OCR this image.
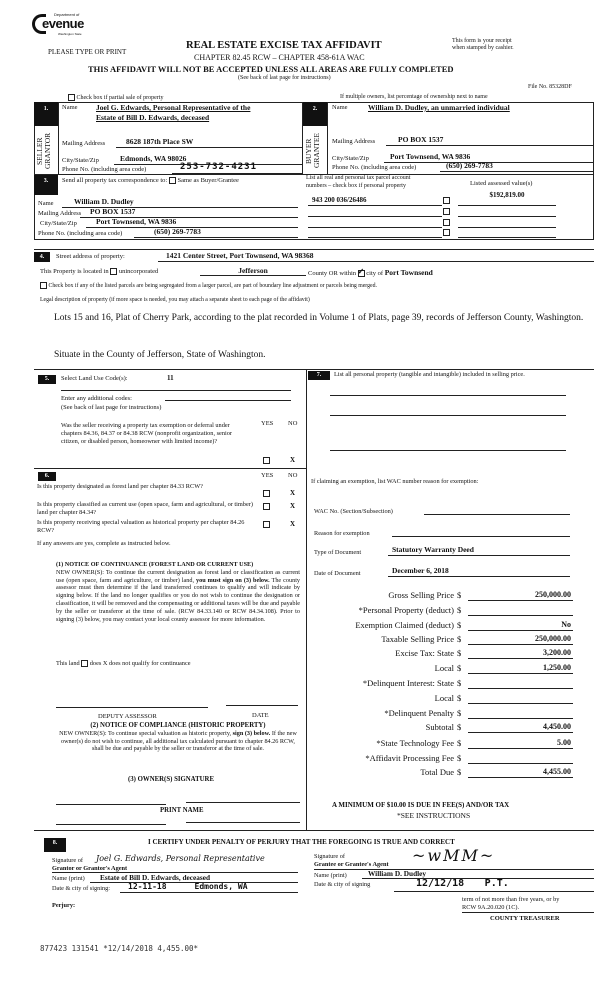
Department of
evenue
Washington State
PLEASE TYPE OR PRINT
REAL ESTATE EXCISE TAX AFFIDAVIT
CHAPTER 82.45 RCW – CHAPTER 458-61A WAC
This form is your receipt
when stamped by cashier.
THIS AFFIDAVIT WILL NOT BE ACCEPTED UNLESS ALL AREAS ARE FULLY COMPLETED
(See back of last page for instructions)
File No. 85328DF
Check box if partial sale of property	If multiple owners, list percentage of ownership next to name
1.
SELLER
GRANTOR
Name Joel G. Edwards, Personal Representative of the
Estate of Bill D. Edwards, deceased
Mailing Address	8628 187th Place SW
City/State/Zip	Edmonds, WA 98026
Phone No. (including area code)	253-732-4231
2.
BUYER
GRANTEE
Name	William D. Dudley, an unmarried individual
Mailing Address	PO BOX 1537
City/State/Zip	Port Townsend, WA 9836
Phone No. (including area code)	(650) 269-7783
3.	Send all property tax correspondence to: Same as Buyer/Grantee
Name	William D. Dudley
Mailing Address	PO BOX 1537
City/State/Zip	Port Townsend, WA 9836
Phone No. (including area code)	(650) 269-7783
List all real and personal tax parcel account
numbers – check box if personal property	Listed assessed value(s)
943 200 036/26486
$192,819.00
4.	Street address of property:	1421 Center Street, Port Townsend, WA 98368
This Property is located in unincorporated	Jefferson	County OR within ✓ city of Port Townsend
Check box if any of the listed parcels are being segregated from a larger parcel, are part of boundary line adjustment or parcels being merged.
Legal description of property (if more space is needed, you may attach a separate sheet to each page of the affidavit)
Lots 15 and 16, Plat of Cherry Park, according to the plat recorded in Volume 1 of Plats, page 39, records of Jefferson County, Washington.
Situate in the County of Jefferson, State of Washington.
5.	Select Land Use Code(s):	11
Enter any additional codes:
(See back of last page for instructions)
YES NO
Was the seller receiving a property tax exemption or deferral under chapters 84.36, 84.37 or 84.38 RCW (nonprofit organization, senior citizen, or disabled person, homeowner with limited income)?
X
6.	YES NO
Is this property designated as forest land per chapter 84.33 RCW?
X
Is this property classified as current use (open space, farm and agricultural, or timber) land per chapter 84.34?
X
Is this property receiving special valuation as historical property per chapter 84.26 RCW?
X
If any answers are yes, complete as instructed below.
(1) NOTICE OF CONTINUANCE (FOREST LAND OR CURRENT USE)
NEW OWNER(S): To continue the current designation as forest land or classification as current use (open space, farm and agriculture, or timber) land, you must sign on (3) below. The county assessor must then determine if the land transferred continues to qualify and will indicate by signing below. If the land no longer qualifies or you do not wish to continue the designation or classification, it will be removed and the compensating or additional taxes will be due and payable by the seller or transferor at the time of sale. (RCW 84.33.140 or RCW 84.34.108). Prior to signing (3) below, you may contact your local county assessor for more information.
This land does X does not qualify for continuance
DEPUTY ASSESSOR	DATE
(2) NOTICE OF COMPLIANCE (HISTORIC PROPERTY)
NEW OWNER(S): To continue special valuation as historic property, sign (3) below. If the new owner(s) do not wish to continue, all additional tax calculated pursuant to chapter 84.26 RCW, shall be due and payable by the seller or transferor at the time of sale.
(3) OWNER(S) SIGNATURE
PRINT NAME
7.	List all personal property (tangible and intangible) included in selling price.
If claiming an exemption, list WAC number reason for exemption:
WAC No. (Section/Subsection)
Reason for exemption
Type of Document	Statutory Warranty Deed
Date of Document	December 6, 2018
Gross Selling Price $	250,000.00
*Personal Property (deduct) $
Exemption Claimed (deduct) $	No
Taxable Selling Price $	250,000.00
Excise Tax: State $	3,200.00
Local $	1,250.00
*Delinquent Interest: State $
Local $
*Delinquent Penalty $
Subtotal $	4,450.00
*State Technology Fee $	5.00
*Affidavit Processing Fee $
Total Due $	4,455.00
A MINIMUM OF $10.00 IS DUE IN FEE(S) AND/OR TAX
*SEE INSTRUCTIONS
8.	I CERTIFY UNDER PENALTY OF PERJURY THAT THE FOREGOING IS TRUE AND CORRECT
Signature of
Grantor or Grantor's Agent
Joel G. Edwards, Personal Representative
Name (print)	Estate of Bill D. Edwards, deceased
Date & city of signing:	12-11-18	Edmonds, WA
Perjury:
Signature of
Grantee or Grantee's Agent ~wMM~
Name (print)	William D. Dudley
Date & city of signing	12/12/18 P.T.
term of not more than five years, or by
RCW 9A.20.020 (1C).
COUNTY TREASURER
877423 131541 *12/14/2018 4,455.00*
